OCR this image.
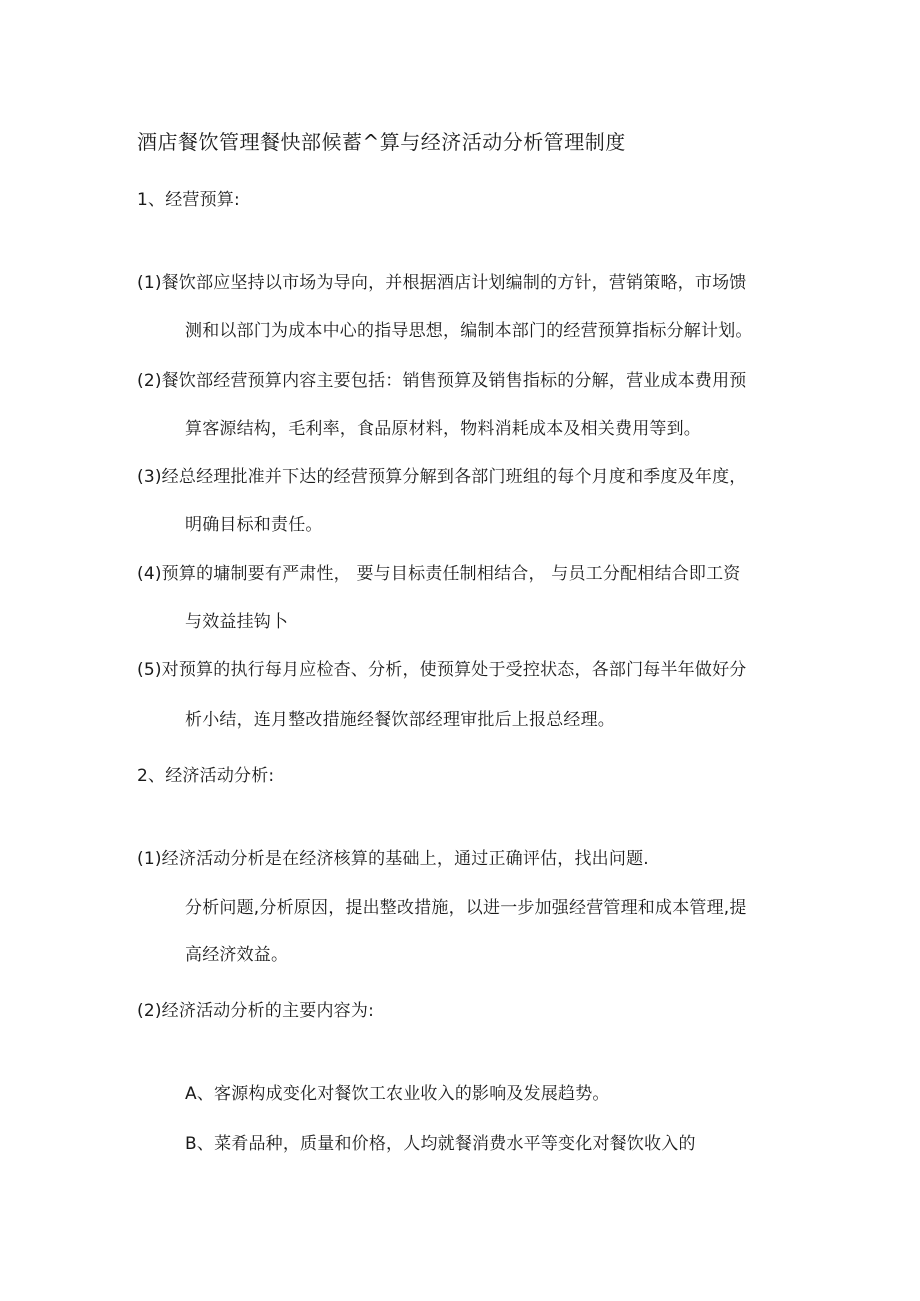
酒店餐饮管理餐快部候蓄^算与经济活动分析管理制度
1、经营预算:
(1)餐饮部应坚持以市场为导向，并根据酒店计划编制的方针，营销策略，市场馈
测和以部门为成本中心的指导思想，编制本部门的经营预算指标分解计划。
(2)餐饮部经营预算内容主要包括：销售预算及销售指标的分解，营业成本费用预
算客源结构，毛利率，食品原材料，物料消耗成本及相关费用等到。
(3)经总经理批准并下达的经营预算分解到各部门班组的每个月度和季度及年度，
明确目标和责任。
(4)预算的墉制要有严肃性， 要与目标责任制相结合， 与员工分配相结合即工资
与效益挂钩卜
(5)对预算的执行每月应检杳、分析，使预算处于受控状态，各部门每半年做好分
析小结，连月整改措施经餐饮部经理审批后上报总经理。
2、经济活动分析:
(1)经济活动分析是在经济核算的基础上，通过正确评估，找出问题.
分析问题,分析原因，提出整改措施，以进一步加强经营管理和成本管理,提
高经济效益。
(2)经济活动分析的主要内容为:
A、客源构成变化对餐饮工农业收入的影响及发展趋势。
B、菜肴品种，质量和价格，人均就餐消费水平等变化对餐饮收入的
